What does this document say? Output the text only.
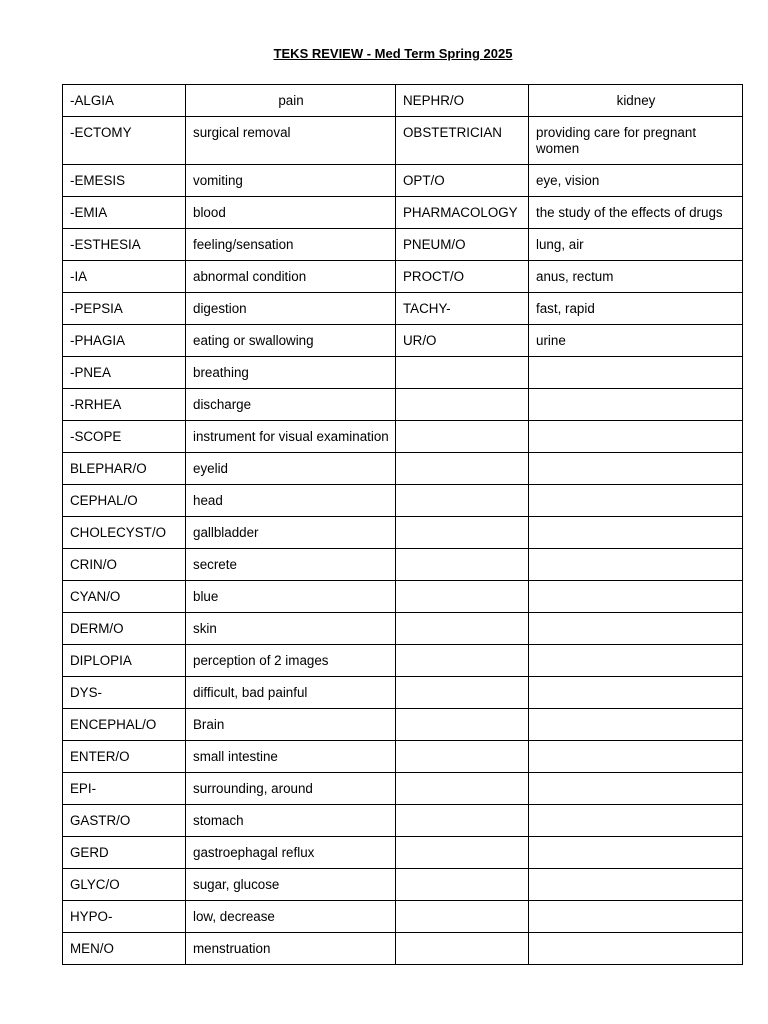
TEKS REVIEW - Med Term Spring 2025
-ALGIA	pain	NEPHR/O	kidney
-ECTOMY	surgical removal	OBSTETRICIAN	providing care for pregnant women
-EMESIS	vomiting	OPT/O	eye, vision
-EMIA	blood	PHARMACOLOGY	the study of the effects of drugs
-ESTHESIA	feeling/sensation	PNEUM/O	lung, air
-IA	abnormal condition	PROCT/O	anus, rectum
-PEPSIA	digestion	TACHY-	fast, rapid
-PHAGIA	eating or swallowing	UR/O	urine
-PNEA	breathing		
-RRHEA	discharge		
-SCOPE	instrument for visual examination		
BLEPHAR/O	eyelid		
CEPHAL/O	head		
CHOLECYST/O	gallbladder		
CRIN/O	secrete		
CYAN/O	blue		
DERM/O	skin		
DIPLOPIA	perception of 2 images		
DYS-	difficult, bad painful		
ENCEPHAL/O	Brain		
ENTER/O	small intestine		
EPI-	surrounding, around		
GASTR/O	stomach		
GERD	gastroephagal reflux		
GLYC/O	sugar, glucose		
HYPO-	low, decrease		
MEN/O	menstruation		
